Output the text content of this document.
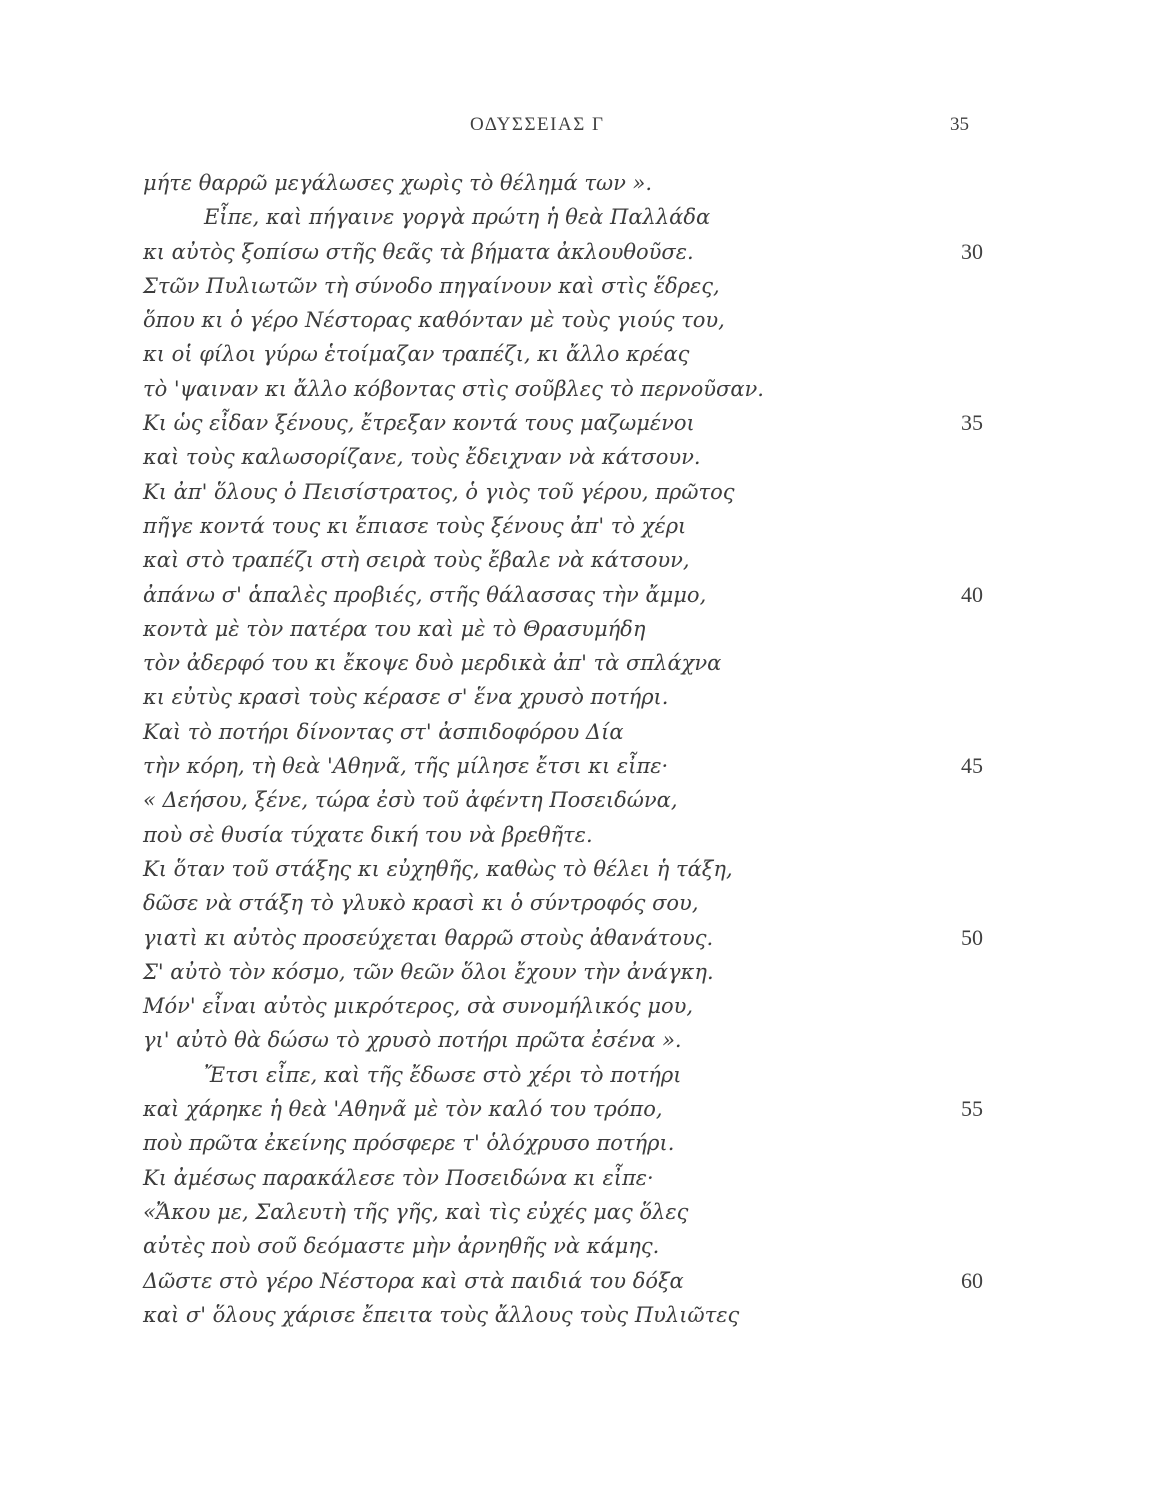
ΟΔΥΣΣΕΙΑΣ Γ	35
μήτε θαρρῶ μεγάλωσες χωρὶς τὸ θέλημά των ».
Εἶπε, καὶ πήγαινε γοργὰ πρώτη ἡ θεὰ Παλλάδα
κι αὐτὸς ξοπίσω στῆς θεᾶς τὰ βήματα ἀκλουθοῦσε.	30
Στῶν Πυλιωτῶν τὴ σύνοδο πηγαίνουν καὶ στὶς ἕδρες,
ὅπου κι ὁ γέρο Νέστορας καθόνταν μὲ τοὺς γιούς του,
κι οἱ φίλοι γύρω ἑτοίμαζαν τραπέζι, κι ἄλλο κρέας
τὸ 'ψαιναν κι ἄλλο κόβοντας στὶς σοῦβλες τὸ περνοῦσαν.
Κι ὡς εἶδαν ξένους, ἔτρεξαν κοντά τους μαζωμένοι	35
καὶ τοὺς καλωσορίζανε, τοὺς ἔδειχναν νὰ κάτσουν.
Κι ἀπ' ὅλους ὁ Πεισίστρατος, ὁ γιὸς τοῦ γέρου, πρῶτος
πῆγε κοντά τους κι ἔπιασε τοὺς ξένους ἀπ' τὸ χέρι
καὶ στὸ τραπέζι στὴ σειρὰ τοὺς ἔβαλε νὰ κάτσουν,
ἀπάνω σ' ἁπαλὲς προβιές, στῆς θάλασσας τὴν ἄμμο,	40
κοντὰ μὲ τὸν πατέρα του καὶ μὲ τὸ Θρασυμήδη
τὸν ἀδερφό του κι ἔκοψε δυὸ μερδικὰ ἀπ' τὰ σπλάχνα
κι εὐτὺς κρασὶ τοὺς κέρασε σ' ἕνα χρυσὸ ποτήρι.
Καὶ τὸ ποτήρι δίνοντας στ' ἀσπιδοφόρου Δία
τὴν κόρη, τὴ θεὰ 'Αθηνᾶ, τῆς μίλησε ἔτσι κι εἶπε·	45
« Δεήσου, ξένε, τώρα ἐσὺ τοῦ ἀφέντη Ποσειδώνα,
ποὺ σὲ θυσία τύχατε δική του νὰ βρεθῆτε.
Κι ὅταν τοῦ στάξης κι εὐχηθῆς, καθὼς τὸ θέλει ἡ τάξη,
δῶσε νὰ στάξη τὸ γλυκὸ κρασὶ κι ὁ σύντροφός σου,
γιατὶ κι αὐτὸς προσεύχεται θαρρῶ στοὺς ἀθανάτους.	50
Σ' αὐτὸ τὸν κόσμο, τῶν θεῶν ὅλοι ἔχουν τὴν ἀνάγκη.
Μόν' εἶναι αὐτὸς μικρότερος, σὰ συνομήλικός μου,
γι' αὐτὸ θὰ δώσω τὸ χρυσὸ ποτήρι πρῶτα ἐσένα ».
Ἔτσι εἶπε, καὶ τῆς ἔδωσε στὸ χέρι τὸ ποτήρι
καὶ χάρηκε ἡ θεὰ 'Αθηνᾶ μὲ τὸν καλό του τρόπο,	55
ποὺ πρῶτα ἐκείνης πρόσφερε τ' ὁλόχρυσο ποτήρι.
Κι ἀμέσως παρακάλεσε τὸν Ποσειδώνα κι εἶπε·
«Ἄκου με, Σαλευτὴ τῆς γῆς, καὶ τὶς εὐχές μας ὅλες
αὐτὲς ποὺ σοῦ δεόμαστε μὴν ἀρνηθῆς νὰ κάμης.
Δῶστε στὸ γέρο Νέστορα καὶ στὰ παιδιά του δόξα	60
καὶ σ' ὅλους χάρισε ἔπειτα τοὺς ἄλλους τοὺς Πυλιῶτες
